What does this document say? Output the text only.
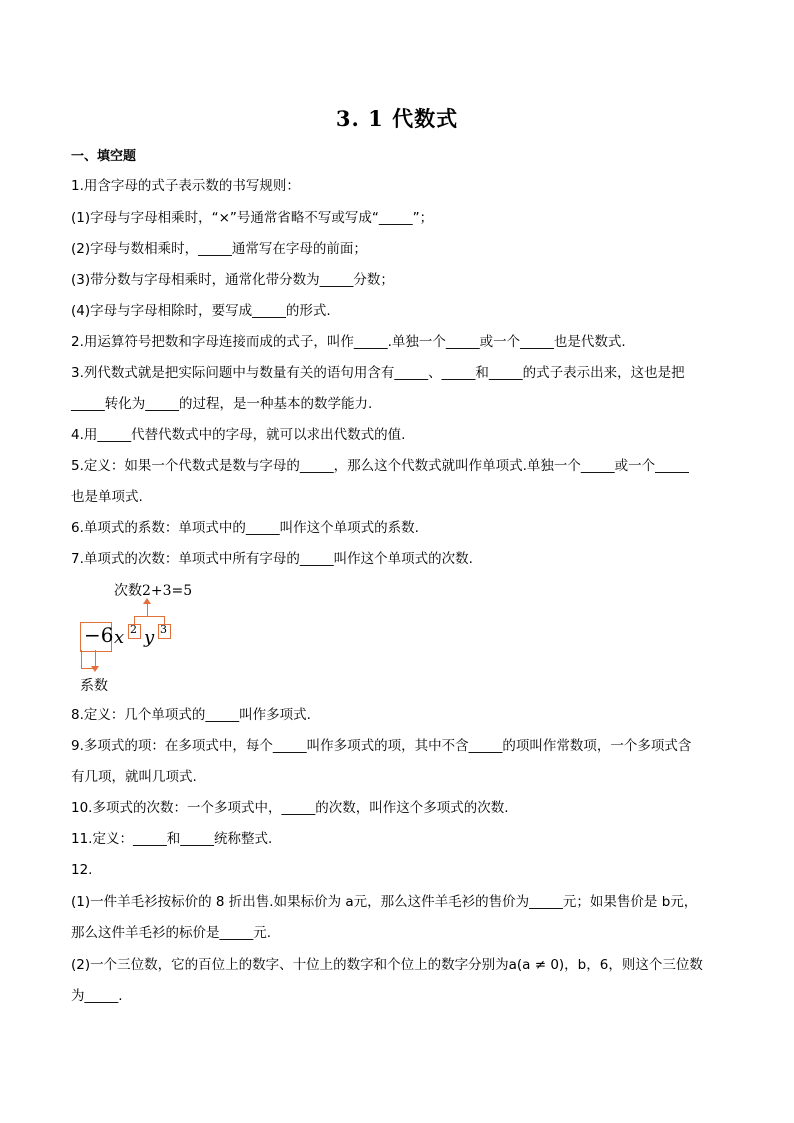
3. 1 代数式
一、填空题
1.用含字母的式子表示数的书写规则：
(1)字母与字母相乘时，“×”号通常省略不写或写成“_____”；
(2)字母与数相乘时，_____通常写在字母的前面；
(3)带分数与字母相乘时，通常化带分数为_____分数；
(4)字母与字母相除时，要写成_____的形式.
2.用运算符号把数和字母连接而成的式子，叫作_____.单独一个_____或一个_____也是代数式.
3.列代数式就是把实际问题中与数量有关的语句用含有_____、_____和_____的式子表示出来，这也是把
_____转化为_____的过程，是一种基本的数学能力.
4.用_____代替代数式中的字母，就可以求出代数式的值.
5.定义：如果一个代数式是数与字母的_____，那么这个代数式就叫作单项式.单独一个_____或一个_____
也是单项式.
6.单项式的系数：单项式中的_____叫作这个单项式的系数.
7.单项式的次数：单项式中所有字母的_____叫作这个单项式的次数.
次数2+3=5
−6 x 2 y 3
系数
8.定义：几个单项式的_____叫作多项式.
9.多项式的项：在多项式中，每个_____叫作多项式的项，其中不含_____的项叫作常数项，一个多项式含
有几项，就叫几项式.
10.多项式的次数：一个多项式中，_____的次数，叫作这个多项式的次数.
11.定义：_____和_____统称整式.
12.
(1)一件羊毛衫按标价的 8 折出售.如果标价为 a元，那么这件羊毛衫的售价为_____元；如果售价是 b元，
那么这件羊毛衫的标价是_____元.
(2)一个三位数，它的百位上的数字、十位上的数字和个位上的数字分别为a(a ≠ 0)，b，6，则这个三位数
为_____.
